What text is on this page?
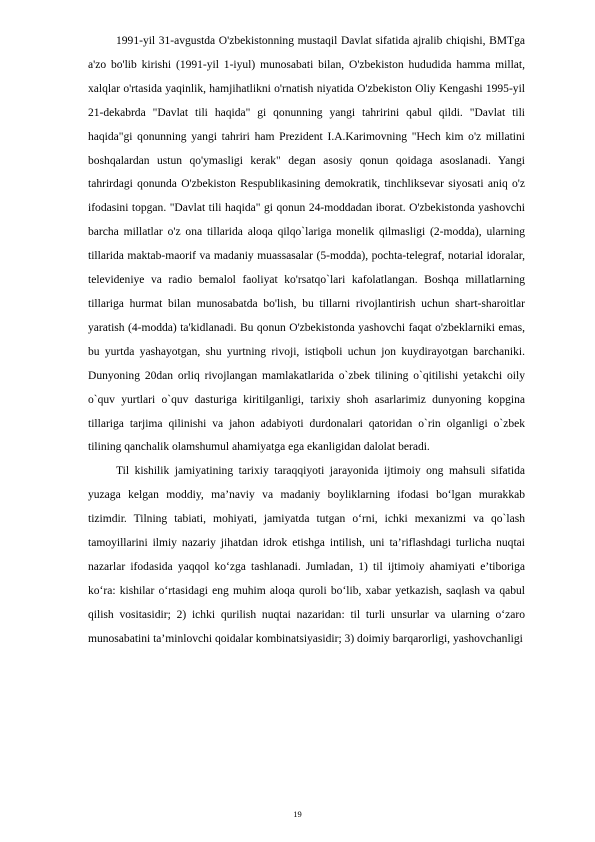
1991-yil 31-avgustda O'zbekistonning mustaqil Davlat sifatida ajralib chiqishi, BMTga a'zo bo'lib kirishi (1991-yil 1-iyul) munosabati bilan, O'zbekiston hududida hamma millat, xalqlar o'rtasida yaqinlik, hamjihatlikni o'rnatish niyatida O'zbekiston Oliy Kengashi 1995-yil 21-dekabrda "Davlat tili haqida" gi qonunning yangi tahririni qabul qildi. "Davlat tili haqida"gi qonunning yangi tahriri ham Prezident I.A.Karimovning "Hech kim o'z millatini boshqalardan ustun qo'ymasligi kerak" degan asosiy qonun qoidaga asoslanadi. Yangi tahrirdagi qonunda O'zbekiston Respublikasining demokratik, tinchliksevar siyosati aniq o'z ifodasini topgan. "Davlat tili haqida" gi qonun 24-moddadan iborat. O'zbekistonda yashovchi barcha millatlar o'z ona tillarida aloqa qilqo`lariga monelik qilmasligi (2-modda), ularning tillarida maktab-maorif va madaniy muassasalar (5-modda), pochta-telegraf, notarial idoralar, televideniye va radio bemalol faoliyat ko'rsatqo`lari kafolatlangan. Boshqa millatlarning tillariga hurmat bilan munosabatda bo'lish, bu tillarni rivojlantirish uchun shart-sharoitlar yaratish (4-modda) ta'kidlanadi. Bu qonun O'zbekistonda yashovchi faqat o'zbeklarniki emas, bu yurtda yashayotgan, shu yurtning rivoji, istiqboli uchun jon kuydirayotgan barchaniki. Dunyoning 20dan orliq rivojlangan mamlakatlarida o`zbek tilining o`qitilishi yetakchi oily o`quv yurtlari o`quv dasturiga kiritilganligi, tarixiy shoh asarlarimiz dunyoning kopgina tillariga tarjima qilinishi va jahon adabiyoti durdonalari qatoridan o`rin olganligi o`zbek tilining qanchalik olamshumul ahamiyatga ega ekanligidan dalolat beradi.

Til kishilik jamiyatining tarixiy taraqqiyoti jarayonida ijtimoiy ong mahsuli sifatida yuzaga kelgan moddiy, ma’naviy va madaniy boyliklarning ifodasi bo‘lgan murakkab tizimdir. Tilning tabiati, mohiyati, jamiyatda tutgan o‘rni, ichki mexanizmi va qo`lash tamoyillarini ilmiy nazariy jihatdan idrok etishga intilish, uni ta’riflashdagi turlicha nuqtai nazarlar ifodasida yaqqol ko‘zga tashlanadi. Jumladan, 1) til ijtimoiy ahamiyati e’tiboriga ko‘ra: kishilar o‘rtasidagi eng muhim aloqa quroli bo‘lib, xabar yetkazish, saqlash va qabul qilish vositasidir; 2) ichki qurilish nuqtai nazaridan: til turli unsurlar va ularning o‘zaro munosabatini ta’minlovchi qoidalar kombinatsiyasidir; 3) doimiy barqarorligi, yashovchanligi

19
